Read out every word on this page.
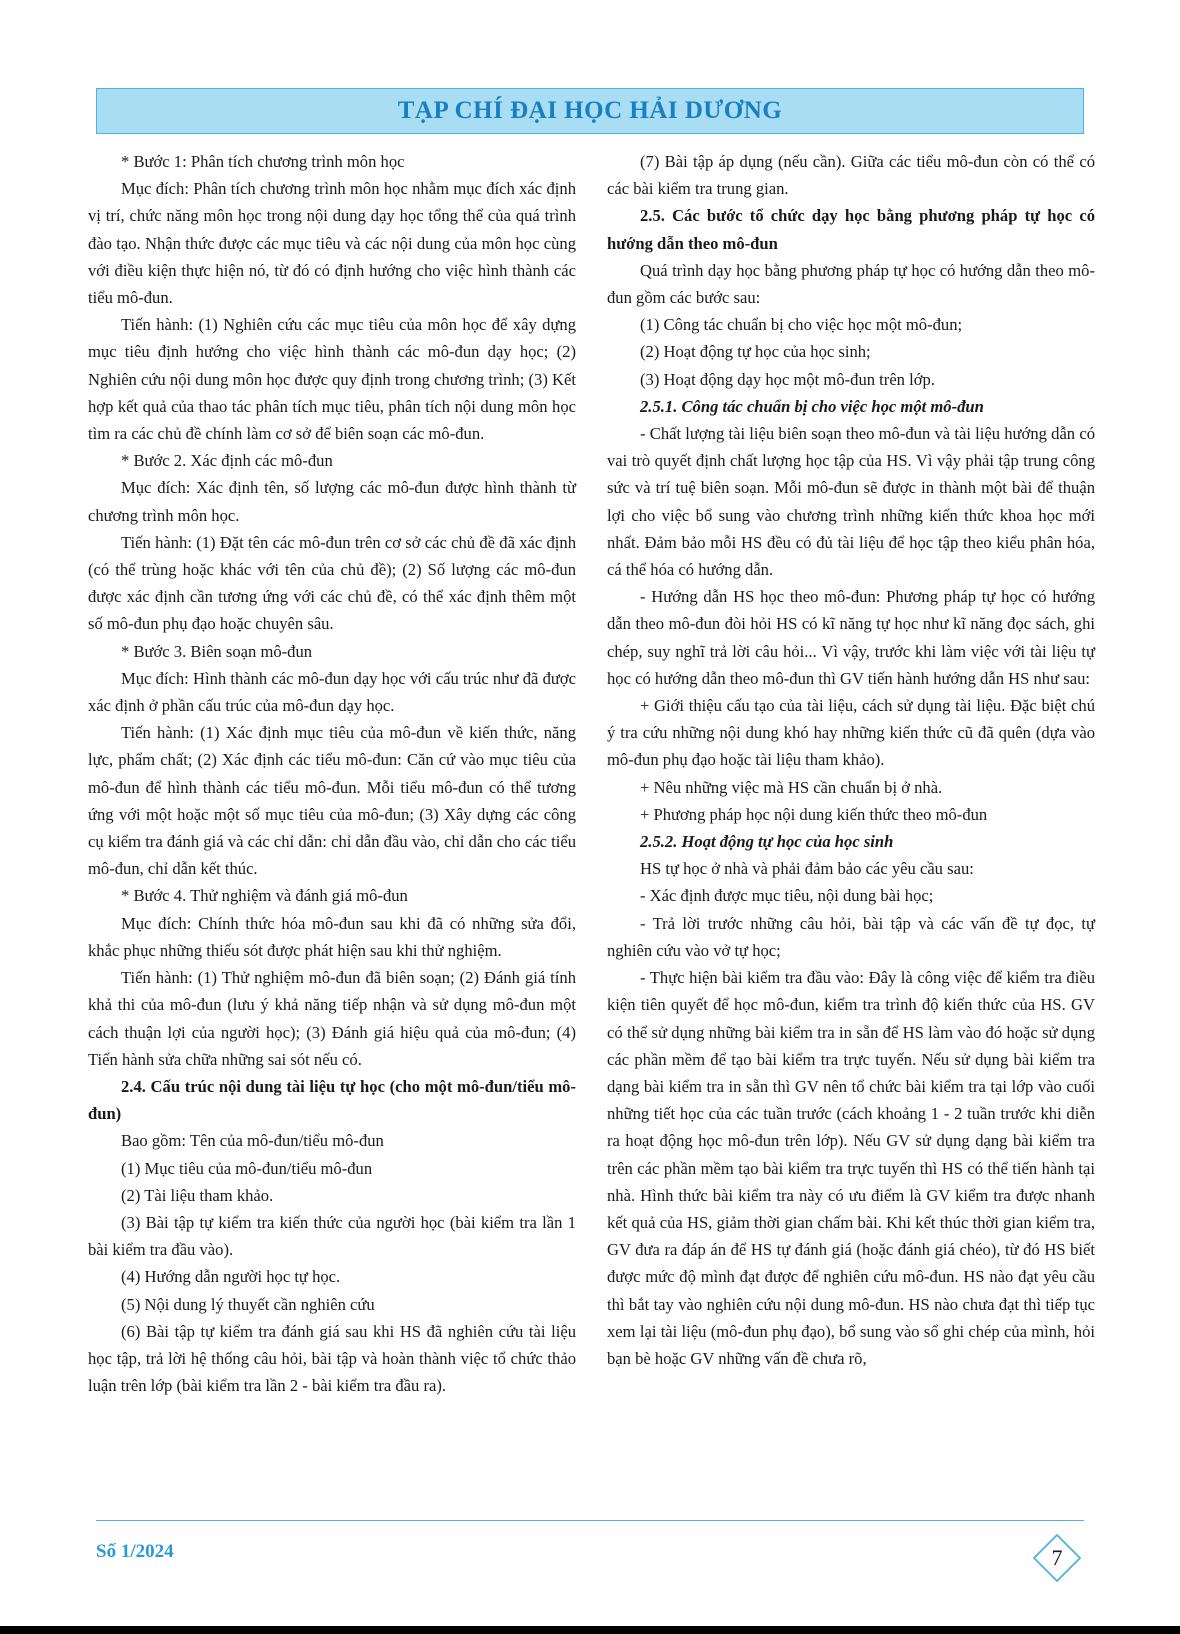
TẠP CHÍ ĐẠI HỌC HẢI DƯƠNG

* Bước 1: Phân tích chương trình môn học

Mục đích: Phân tích chương trình môn học nhằm mục đích xác định vị trí, chức năng môn học trong nội dung dạy học tổng thể của quá trình đào tạo. Nhận thức được các mục tiêu và các nội dung của môn học cùng với điều kiện thực hiện nó, từ đó có định hướng cho việc hình thành các tiểu mô-đun.

Tiến hành: (1) Nghiên cứu các mục tiêu của môn học để xây dựng mục tiêu định hướng cho việc hình thành các mô-đun dạy học; (2) Nghiên cứu nội dung môn học được quy định trong chương trình; (3) Kết hợp kết quả của thao tác phân tích mục tiêu, phân tích nội dung môn học tìm ra các chủ đề chính làm cơ sở để biên soạn các mô-đun.

* Bước 2. Xác định các mô-đun

Mục đích: Xác định tên, số lượng các mô-đun được hình thành từ chương trình môn học.

Tiến hành: (1) Đặt tên các mô-đun trên cơ sở các chủ đề đã xác định (có thể trùng hoặc khác với tên của chủ đề); (2) Số lượng các mô-đun được xác định cần tương ứng với các chủ đề, có thể xác định thêm một số mô-đun phụ đạo hoặc chuyên sâu.

* Bước 3. Biên soạn mô-đun

Mục đích: Hình thành các mô-đun dạy học với cấu trúc như đã được xác định ở phần cấu trúc của mô-đun dạy học.

Tiến hành: (1) Xác định mục tiêu của mô-đun về kiến thức, năng lực, phẩm chất; (2) Xác định các tiểu mô-đun: Căn cứ vào mục tiêu của mô-đun để hình thành các tiểu mô-đun. Mỗi tiểu mô-đun có thể tương ứng với một hoặc một số mục tiêu của mô-đun; (3) Xây dựng các công cụ kiểm tra đánh giá và các chỉ dẫn: chỉ dẫn đầu vào, chỉ dẫn cho các tiểu mô-đun, chỉ dẫn kết thúc.

* Bước 4. Thử nghiệm và đánh giá mô-đun

Mục đích: Chính thức hóa mô-đun sau khi đã có những sửa đổi, khắc phục những thiếu sót được phát hiện sau khi thử nghiệm.

Tiến hành: (1) Thử nghiệm mô-đun đã biên soạn; (2) Đánh giá tính khả thi của mô-đun (lưu ý khả năng tiếp nhận và sử dụng mô-đun một cách thuận lợi của người học); (3) Đánh giá hiệu quả của mô-đun; (4) Tiến hành sửa chữa những sai sót nếu có.

2.4. Cấu trúc nội dung tài liệu tự học (cho một mô-đun/tiểu mô-đun)

Bao gồm: Tên của mô-đun/tiểu mô-đun

(1) Mục tiêu của mô-đun/tiểu mô-đun

(2) Tài liệu tham khảo.

(3) Bài tập tự kiểm tra kiến thức của người học (bài kiểm tra lần 1 bài kiểm tra đầu vào).

(4) Hướng dẫn người học tự học.

(5) Nội dung lý thuyết cần nghiên cứu

(6) Bài tập tự kiểm tra đánh giá sau khi HS đã nghiên cứu tài liệu học tập, trả lời hệ thống câu hỏi, bài tập và hoàn thành việc tổ chức thảo luận trên lớp (bài kiểm tra lần 2 - bài kiểm tra đầu ra).

(7) Bài tập áp dụng (nếu cần). Giữa các tiểu mô-đun còn có thể có các bài kiểm tra trung gian.

2.5. Các bước tổ chức dạy học bằng phương pháp tự học có hướng dẫn theo mô-đun

Quá trình dạy học bằng phương pháp tự học có hướng dẫn theo mô-đun gồm các bước sau:

(1) Công tác chuẩn bị cho việc học một mô-đun;

(2) Hoạt động tự học của học sinh;

(3) Hoạt động dạy học một mô-đun trên lớp.

2.5.1. Công tác chuẩn bị cho việc học một mô-đun

- Chất lượng tài liệu biên soạn theo mô-đun và tài liệu hướng dẫn có vai trò quyết định chất lượng học tập của HS. Vì vậy phải tập trung công sức và trí tuệ biên soạn. Mỗi mô-đun sẽ được in thành một bài để thuận lợi cho việc bổ sung vào chương trình những kiến thức khoa học mới nhất. Đảm bảo mỗi HS đều có đủ tài liệu để học tập theo kiểu phân hóa, cá thể hóa có hướng dẫn.

- Hướng dẫn HS học theo mô-đun: Phương pháp tự học có hướng dẫn theo mô-đun đòi hỏi HS có kĩ năng tự học như kĩ năng đọc sách, ghi chép, suy nghĩ trả lời câu hỏi... Vì vậy, trước khi làm việc với tài liệu tự học có hướng dẫn theo mô-đun thì GV tiến hành hướng dẫn HS như sau:

+ Giới thiệu cấu tạo của tài liệu, cách sử dụng tài liệu. Đặc biệt chú ý tra cứu những nội dung khó hay những kiến thức cũ đã quên (dựa vào mô-đun phụ đạo hoặc tài liệu tham khảo).

+ Nêu những việc mà HS cần chuẩn bị ở nhà.

+ Phương pháp học nội dung kiến thức theo mô-đun

2.5.2. Hoạt động tự học của học sinh

HS tự học ở nhà và phải đảm bảo các yêu cầu sau:

- Xác định được mục tiêu, nội dung bài học;

- Trả lời trước những câu hỏi, bài tập và các vấn đề tự đọc, tự nghiên cứu vào vở tự học;

- Thực hiện bài kiểm tra đầu vào: Đây là công việc để kiểm tra điều kiện tiên quyết để học mô-đun, kiểm tra trình độ kiến thức của HS. GV có thể sử dụng những bài kiểm tra in sẵn để HS làm vào đó hoặc sử dụng các phần mềm để tạo bài kiểm tra trực tuyến. Nếu sử dụng bài kiểm tra dạng bài kiểm tra in sẵn thì GV nên tổ chức bài kiểm tra tại lớp vào cuối những tiết học của các tuần trước (cách khoảng 1 - 2 tuần trước khi diễn ra hoạt động học mô-đun trên lớp). Nếu GV sử dụng dạng bài kiểm tra trên các phần mềm tạo bài kiểm tra trực tuyến thì HS có thể tiến hành tại nhà. Hình thức bài kiểm tra này có ưu điểm là GV kiểm tra được nhanh kết quả của HS, giảm thời gian chấm bài. Khi kết thúc thời gian kiểm tra, GV đưa ra đáp án để HS tự đánh giá (hoặc đánh giá chéo), từ đó HS biết được mức độ mình đạt được để nghiên cứu mô-đun. HS nào đạt yêu cầu thì bắt tay vào nghiên cứu nội dung mô-đun. HS nào chưa đạt thì tiếp tục xem lại tài liệu (mô-đun phụ đạo), bổ sung vào sổ ghi chép của mình, hỏi bạn bè hoặc GV những vấn đề chưa rõ,

Số 1/2024	7
